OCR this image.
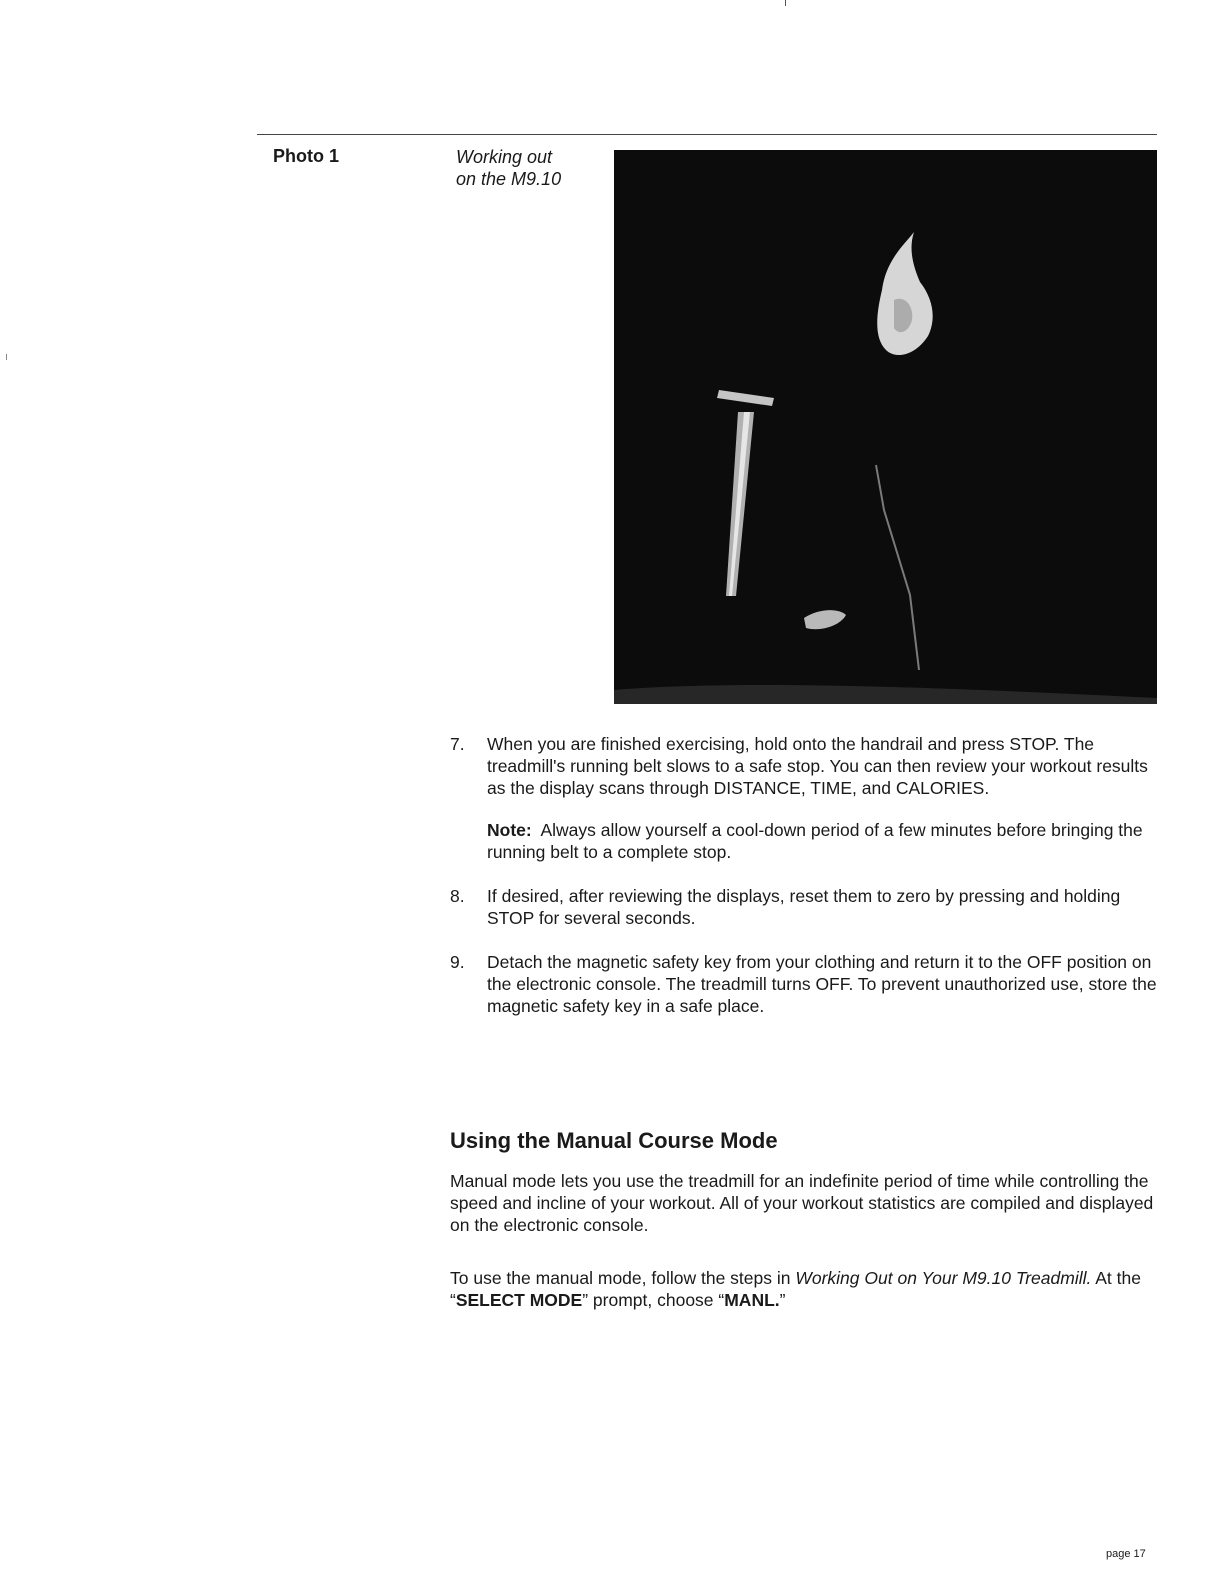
Photo 1	Working out
on the M9.10
7. When you are finished exercising, hold onto the handrail and press STOP. The treadmill's running belt slows to a safe stop. You can then review your workout results as the display scans through DISTANCE, TIME, and CALORIES.
Note: Always allow yourself a cool-down period of a few minutes before bringing the running belt to a complete stop.
8. If desired, after reviewing the displays, reset them to zero by pressing and holding STOP for several seconds.
9. Detach the magnetic safety key from your clothing and return it to the OFF position on the electronic console. The treadmill turns OFF. To prevent unauthorized use, store the magnetic safety key in a safe place.
Using the Manual Course Mode

Manual mode lets you use the treadmill for an indefinite period of time while controlling the speed and incline of your workout. All of your workout statistics are compiled and displayed on the electronic console.

To use the manual mode, follow the steps in Working Out on Your M9.10 Treadmill. At the “SELECT MODE” prompt, choose “MANL.”

page 17
